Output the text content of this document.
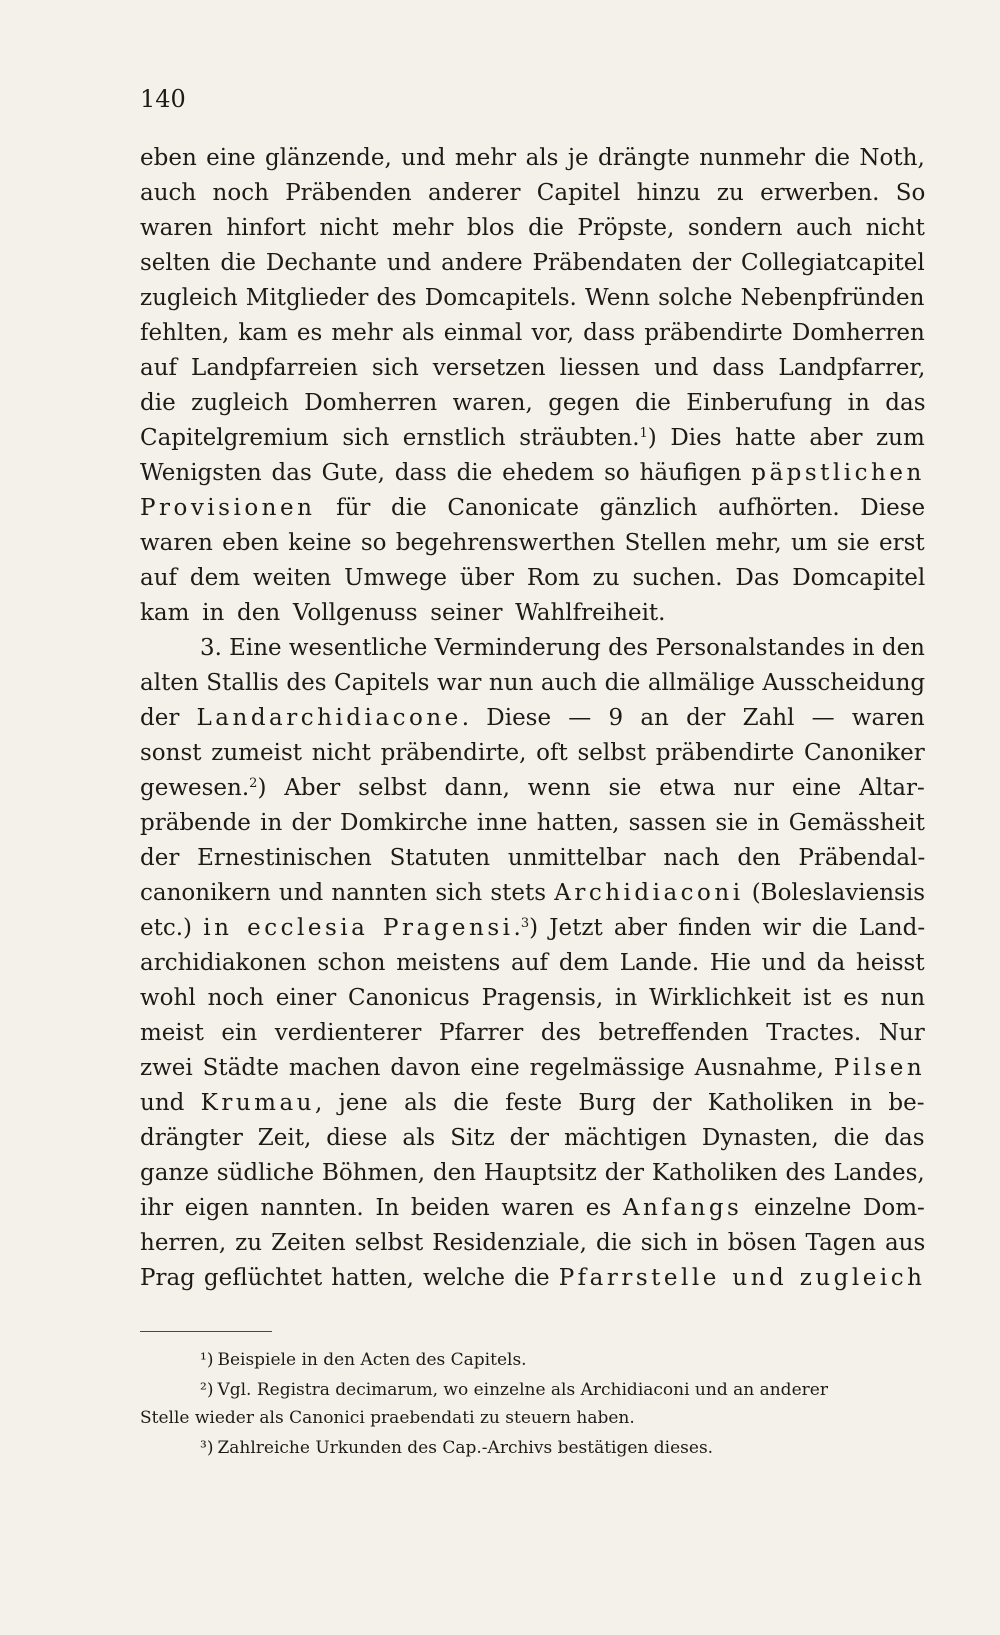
140
eben eine glänzende, und mehr als je drängte nunmehr die Noth,
auch noch Präbenden anderer Capitel hinzu zu erwerben. So
waren hinfort nicht mehr blos die Pröpste, sondern auch nicht
selten die Dechante und andere Präbendaten der Collegiatcapitel
zugleich Mitglieder des Domcapitels. Wenn solche Nebenpfründen
fehlten, kam es mehr als einmal vor, dass präbendirte Domherren
auf Landpfarreien sich versetzen liessen und dass Landpfarrer,
die zugleich Domherren waren, gegen die Einberufung in das
Capitelgremium sich ernstlich sträubten.$^1$) Dies hatte aber zum
Wenigsten das Gute, dass die ehedem so häufigen päpstlichen
Provisionen für die Canonicate gänzlich aufhörten. Diese
waren eben keine so begehrenswerthen Stellen mehr, um sie erst
auf dem weiten Umwege über Rom zu suchen. Das Domcapitel
kam in den Vollgenuss seiner Wahlfreiheit.
3. Eine wesentliche Verminderung des Personalstandes in den
alten Stallis des Capitels war nun auch die allmälige Ausscheidung
der Landarchidiacone. Diese — 9 an der Zahl — waren
sonst zumeist nicht präbendirte, oft selbst präbendirte Canoniker
gewesen.$^2$) Aber selbst dann, wenn sie etwa nur eine Altar-
präbende in der Domkirche inne hatten, sassen sie in Gemässheit
der Ernestinischen Statuten unmittelbar nach den Präbendal-
canonikern und nannten sich stets Archidiaconi (Boleslaviensis
etc.) in ecclesia Pragensi.$^3$) Jetzt aber finden wir die Land-
archidiakonen schon meistens auf dem Lande. Hie und da heisst
wohl noch einer Canonicus Pragensis, in Wirklichkeit ist es nun
meist ein verdienterer Pfarrer des betreffenden Tractes. Nur
zwei Städte machen davon eine regelmässige Ausnahme, Pilsen
und Krumau, jene als die feste Burg der Katholiken in be-
drängter Zeit, diese als Sitz der mächtigen Dynasten, die das
ganze südliche Böhmen, den Hauptsitz der Katholiken des Landes,
ihr eigen nannten. In beiden waren es Anfangs einzelne Dom-
herren, zu Zeiten selbst Residenziale, die sich in bösen Tagen aus
Prag geflüchtet hatten, welche die Pfarrstelle und zugleich
¹) Beispiele in den Acten des Capitels.
²) Vgl. Registra decimarum, wo einzelne als Archidiaconi und an anderer
Stelle wieder als Canonici praebendati zu steuern haben.
³) Zahlreiche Urkunden des Cap.-Archivs bestätigen dieses.
